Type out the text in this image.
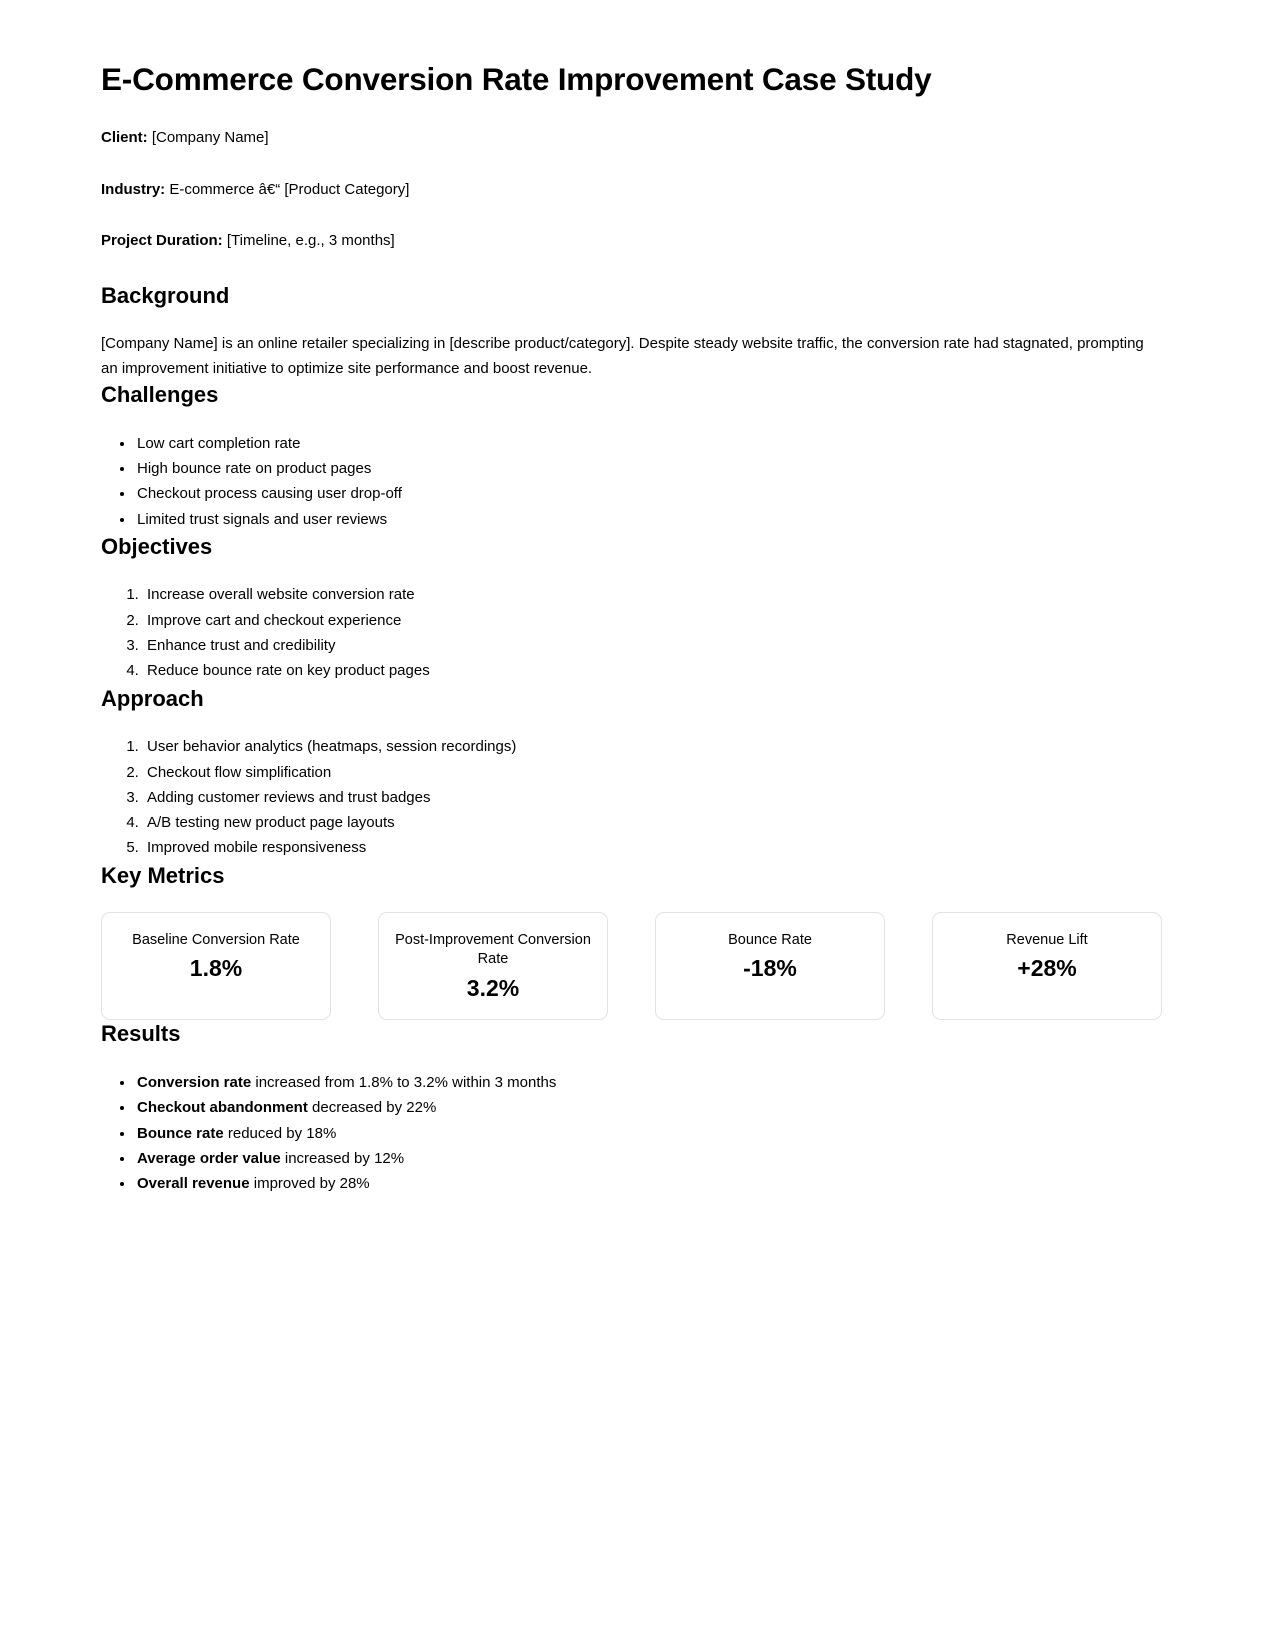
E-Commerce Conversion Rate Improvement Case Study

Client: [Company Name]

Industry: E-commerce â€“ [Product Category]

Project Duration: [Timeline, e.g., 3 months]

Background

[Company Name] is an online retailer specializing in [describe product/category]. Despite steady website traffic, the conversion rate had stagnated, prompting an improvement initiative to optimize site performance and boost revenue.

Challenges
• Low cart completion rate
• High bounce rate on product pages
• Checkout process causing user drop-off
• Limited trust signals and user reviews
Objectives
1. Increase overall website conversion rate
2. Improve cart and checkout experience
3. Enhance trust and credibility
4. Reduce bounce rate on key product pages
Approach
1. User behavior analytics (heatmaps, session recordings)
2. Checkout flow simplification
3. Adding customer reviews and trust badges
4. A/B testing new product page layouts
5. Improved mobile responsiveness
Key Metrics

Baseline Conversion Rate

1.8%

Post-Improvement Conversion Rate

3.2%

Bounce Rate

-18%

Revenue Lift

+28%

Results
• Conversion rate increased from 1.8% to 3.2% within 3 months
• Checkout abandonment decreased by 22%
• Bounce rate reduced by 18%
• Average order value increased by 12%
• Overall revenue improved by 28%
